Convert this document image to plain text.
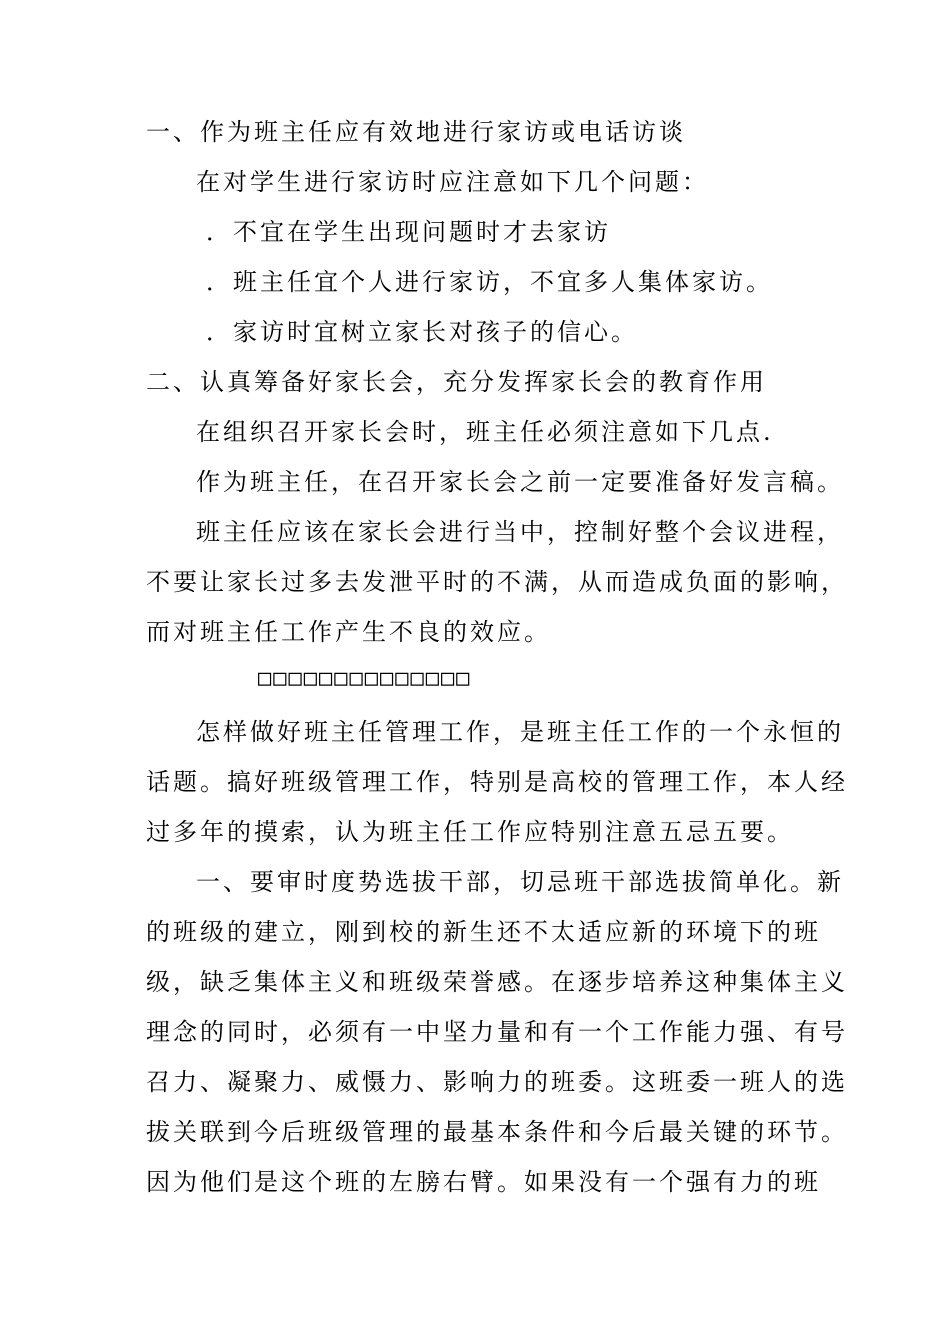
一、作为班主任应有效地进行家访或电话访谈
在对学生进行家访时应注意如下几个问题：
．不宜在学生出现问题时才去家访
．班主任宜个人进行家访，不宜多人集体家访。
．家访时宜树立家长对孩子的信心。
二、认真筹备好家长会，充分发挥家长会的教育作用
在组织召开家长会时，班主任必须注意如下几点.
作为班主任，在召开家长会之前一定要准备好发言稿。
班主任应该在家长会进行当中，控制好整个会议进程，
不要让家长过多去发泄平时的不满，从而造成负面的影响，
而对班主任工作产生不良的效应。
□□□□□□□□□□□□□□
怎样做好班主任管理工作，是班主任工作的一个永恒的
话题。搞好班级管理工作，特别是高校的管理工作，本人经
过多年的摸索，认为班主任工作应特别注意五忌五要。
一、要审时度势选拔干部，切忌班干部选拔简单化。新
的班级的建立，刚到校的新生还不太适应新的环境下的班
级，缺乏集体主义和班级荣誉感。在逐步培养这种集体主义
理念的同时，必须有一中坚力量和有一个工作能力强、有号
召力、凝聚力、威慑力、影响力的班委。这班委一班人的选
拔关联到今后班级管理的最基本条件和今后最关键的环节。
因为他们是这个班的左膀右臂。如果没有一个强有力的班
